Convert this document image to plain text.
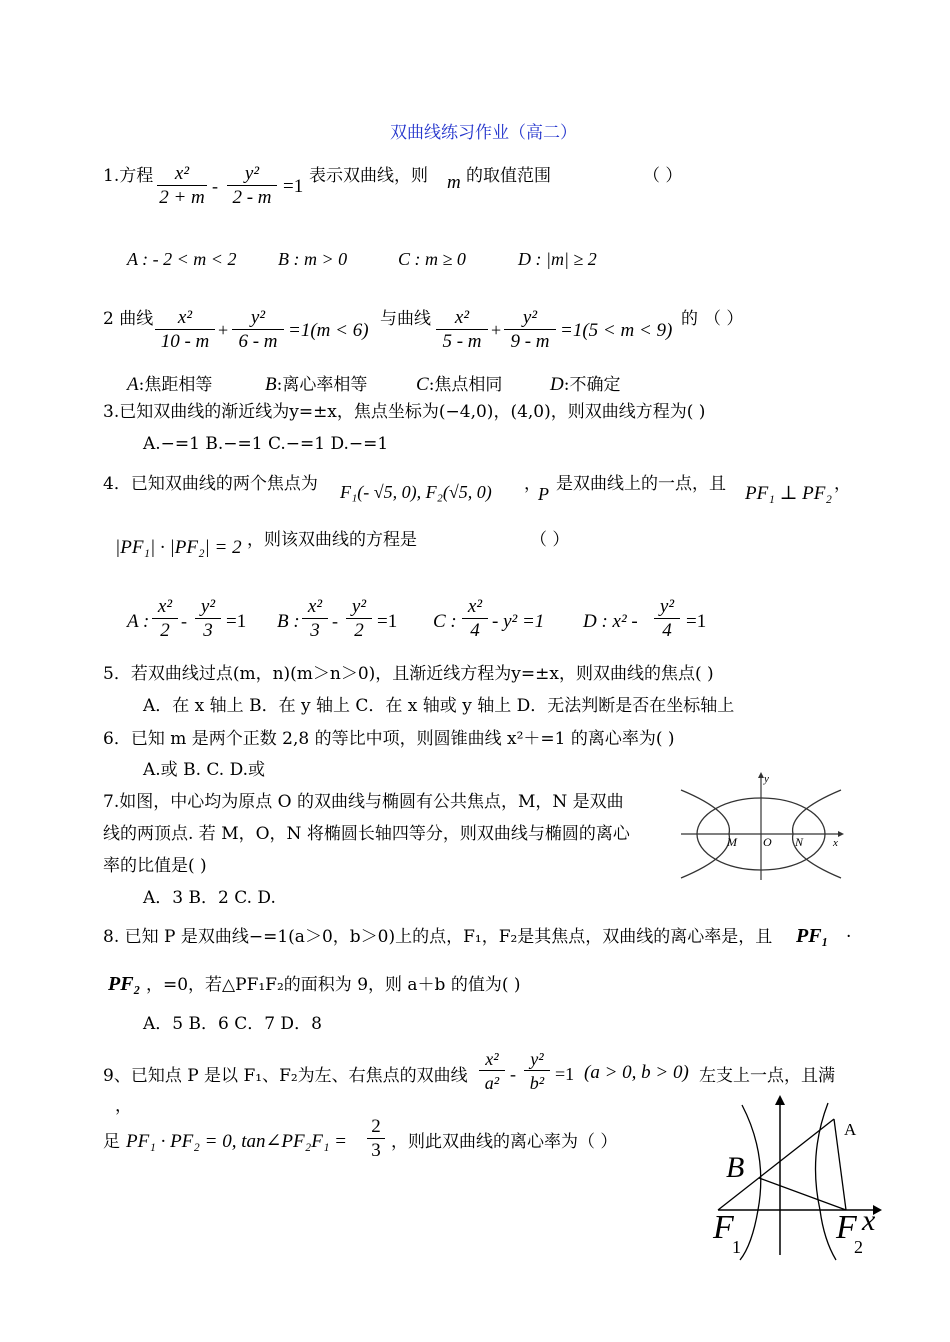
双曲线练习作业（高二）
1.方程	x²
2 + m
-
y²
2 - m
=1 表示双曲线，则 m 的取值范围	（ ）
A : - 2 < m < 2 B : m > 0	C : m ≥ 0	D : |m| ≥ 2
2 曲线	x²
10 - m
+
y²
6 - m
=1(m < 6)
与曲线	x²
5 - m
+
y²
9 - m
=1(5 < m < 9)
的 （ ）
A:焦距相等	B:离心率相等	C:焦点相同	D:不确定
3.已知双曲线的渐近线为y=±x，焦点坐标为(−4,0)，(4,0)，则双曲线方程为( )
A.−=1 B.−=1 C.−=1 D.−=1
4．已知双曲线的两个焦点为 F₁(- √5, 0), F₂(√5, 0) ，
P 是双曲线上的一点，且 PF₁ ⊥ PF₂ ，
|PF₁| · |PF₂| = 2 ，则该双曲线的方程是	（ ）
A :
x²
2 -
y²
3 =1 B :
x²
3 -
y²
2 =1 C :
x²
4 - y² =1 D : x² -
y²
4 =1
5．若双曲线过点(m，n)(m＞n＞0)，且渐近线方程为y=±x，则双曲线的焦点( )
A．在 x 轴上 B．在 y 轴上 C．在 x 轴或 y 轴上 D．无法判断是否在坐标轴上
6．已知 m 是两个正数 2,8 的等比中项，则圆锥曲线 x²＋=1 的离心率为( )
A.或 B. C. D.或
7.如图，中心均为原点 O 的双曲线与椭圆有公共焦点，M，N 是双曲
线的两顶点. 若 M，O，N 将椭圆长轴四等分，则双曲线与椭圆的离心
率的比值是( )
A．3 B．2 C. D.
y
x
M O N
8. 已知 P 是双曲线−=1(a＞0，b＞0)上的点，F₁，F₂是其焦点，双曲线的离心率是，且 PF₁ ·
PF₂ ，=0，若△PF₁F₂的面积为 9，则 a＋b 的值为( )
A．5 B．6 C．7 D．8
9、已知点 P 是以 F₁、F₂为左、右焦点的双曲线
x²
a² -
y²
b² =1 (a > 0, b > 0) 左支上一点，且满
，
足 PF₁ · PF₂ = 0, tan∠PF₂F₁ =
2
3 ，则此双曲线的离心率为（ ）
A
B
F
1
F
2
x
